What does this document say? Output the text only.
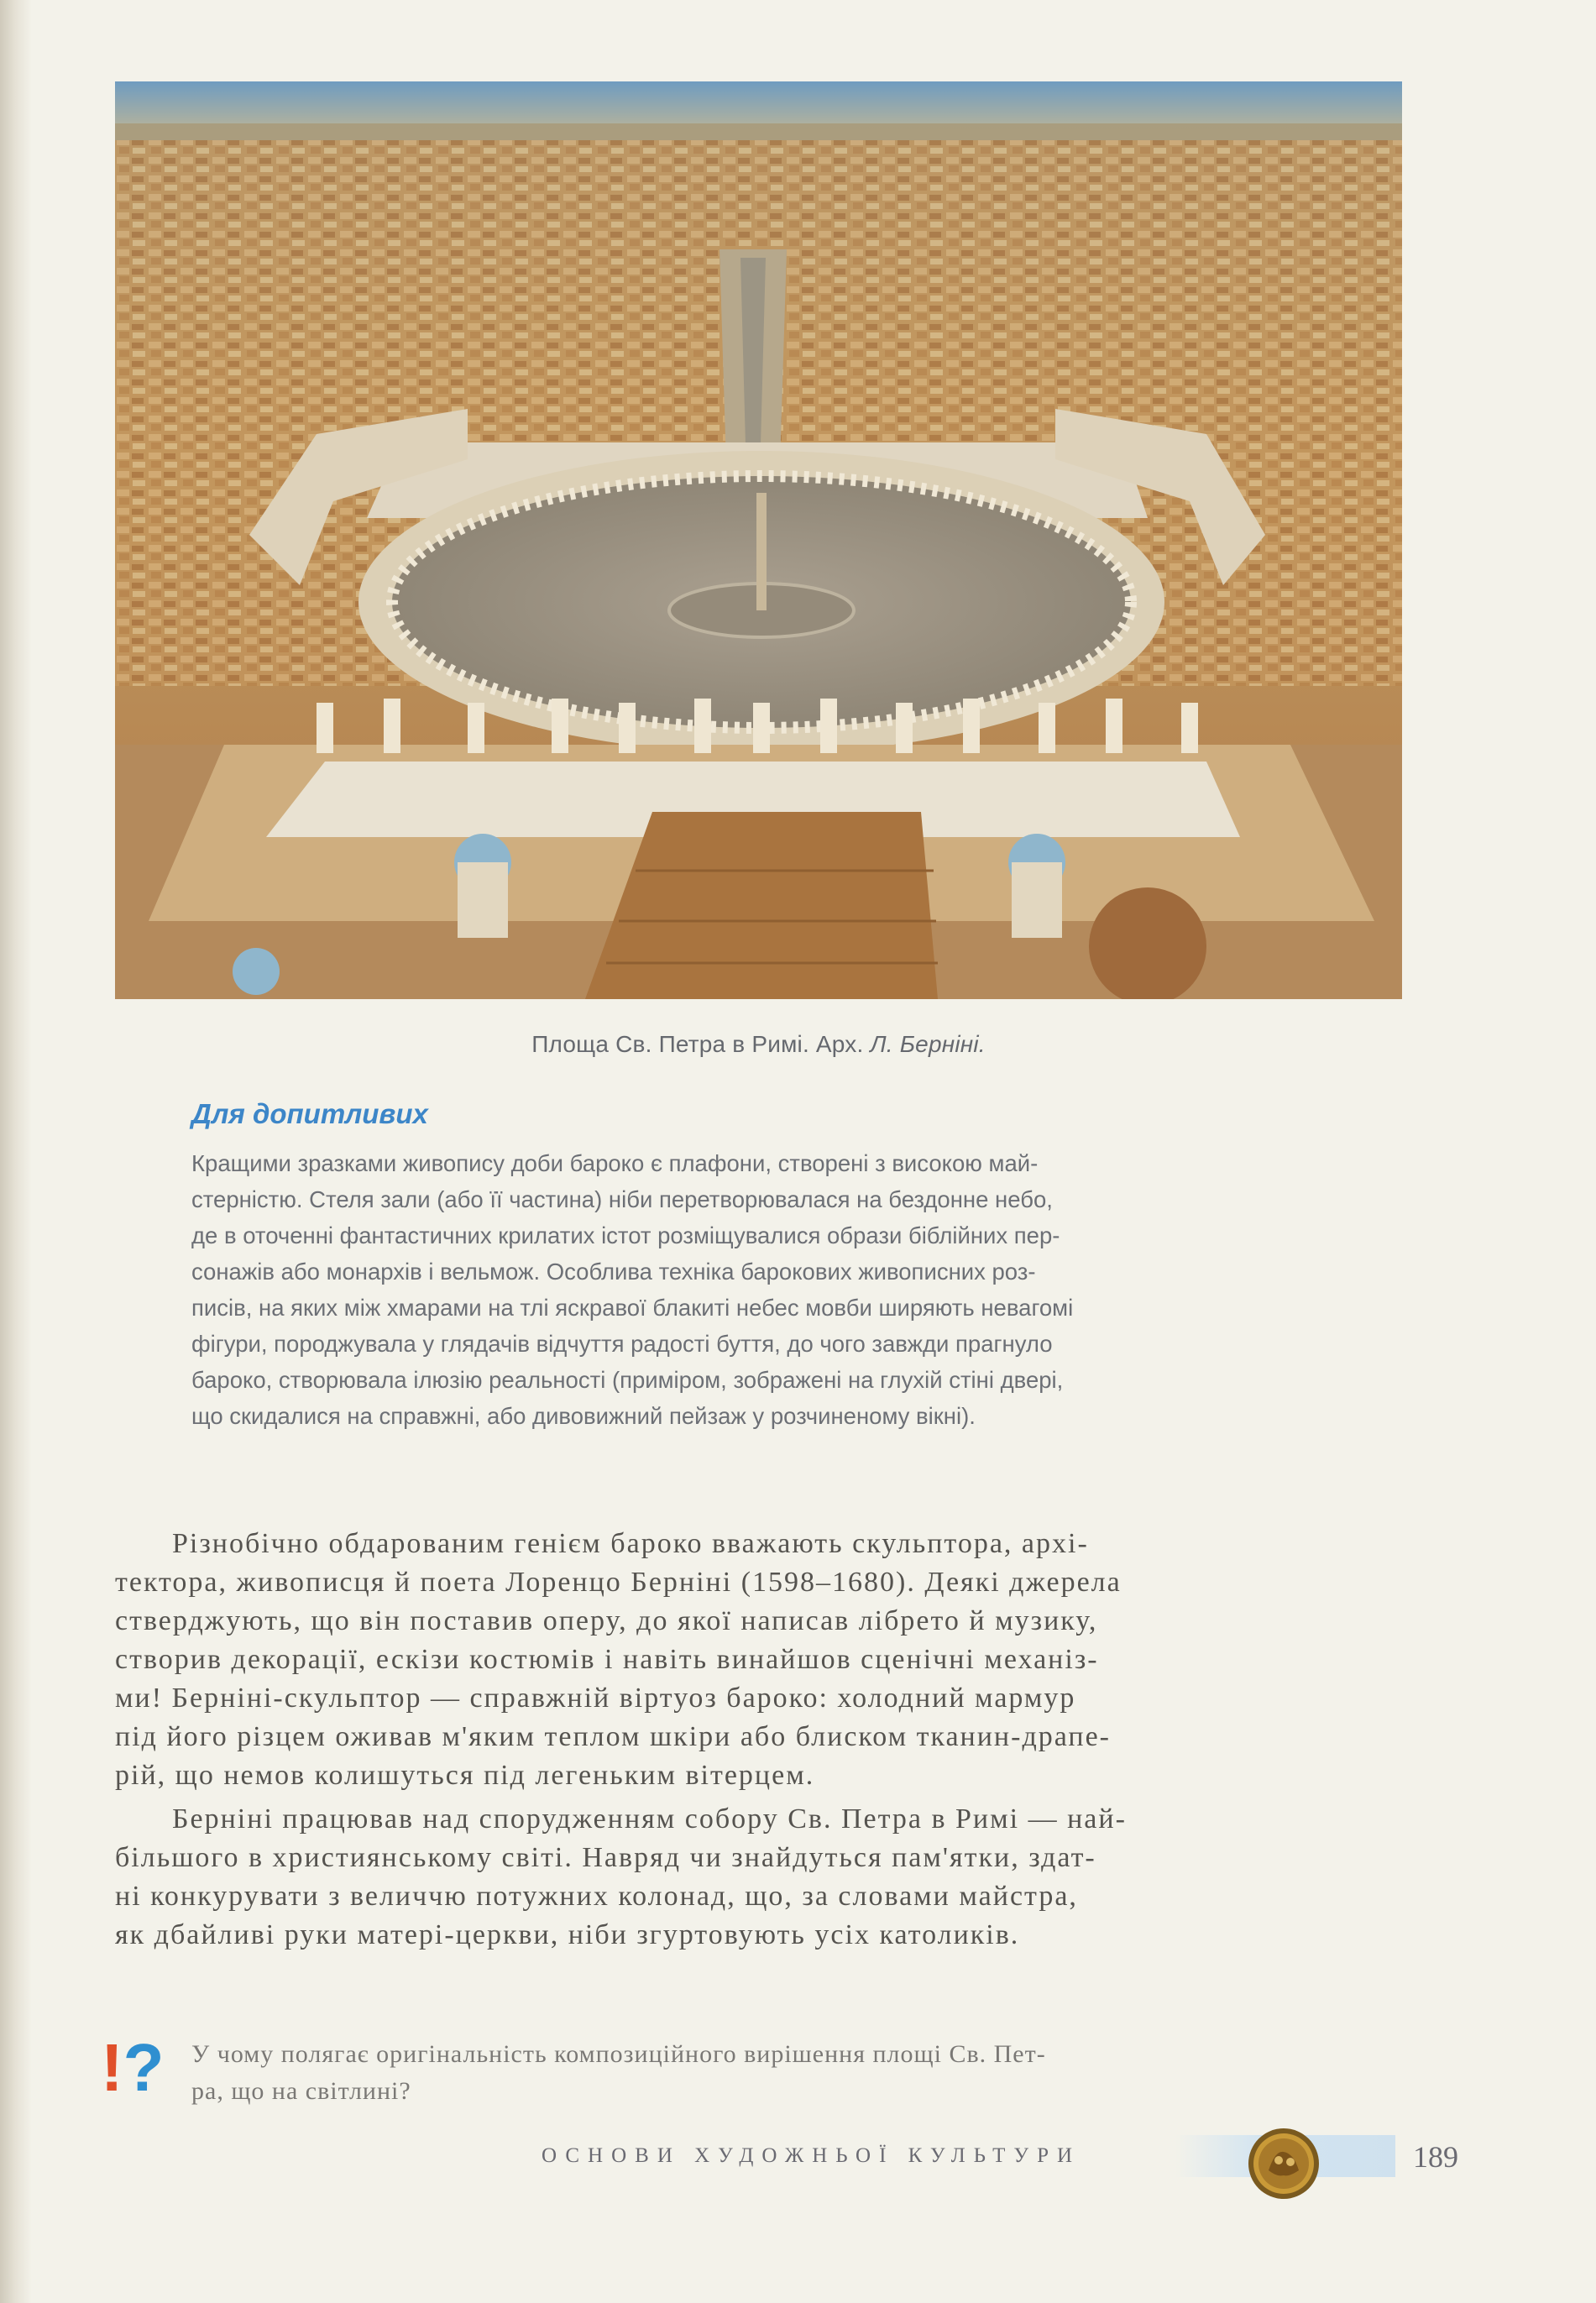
Площа Св. Петра в Римі. Арх. Л. Берніні.
Для допитливих
Кращими зразками живопису доби бароко є плафони, створені з високою май-
стерністю. Стеля зали (або її частина) ніби перетворювалася на бездонне небо,
де в оточенні фантастичних крилатих істот розміщувалися образи біблійних пер-
сонажів або монархів і вельмож. Особлива техніка барокових живописних роз-
писів, на яких між хмарами на тлі яскравої блакиті небес мовби ширяють невагомі
фігури, породжувала у глядачів відчуття радості буття, до чого завжди прагнуло
бароко, створювала ілюзію реальності (приміром, зображені на глухій стіні двері,
що скидалися на справжні, або дивовижний пейзаж у розчиненому вікні).
Різнобічно обдарованим генієм бароко вважають скульптора, архі-
тектора, живописця й поета Лоренцо Берніні (1598–1680). Деякі джерела
стверджують, що він поставив оперу, до якої написав лібрето й музику,
створив декорації, ескізи костюмів і навіть винайшов сценічні механіз-
ми! Берніні-скульптор — справжній віртуоз бароко: холодний мармур
під його різцем оживав м'яким теплом шкіри або блиском тканин-драпе-
рій, що немов колишуться під легеньким вітерцем.
Берніні працював над спорудженням собору Св. Петра в Римі — най-
більшого в християнському світі. Навряд чи знайдуться пам'ятки, здат-
ні конкурувати з величчю потужних колонад, що, за словами майстра,
як дбайливі руки матері-церкви, ніби згуртовують усіх католиків.
!? У чому полягає оригінальність композиційного вирішення площі Св. Пет-
ра, що на світлині?
ОСНОВИ ХУДОЖНЬОЇ КУЛЬТУРИ	189
